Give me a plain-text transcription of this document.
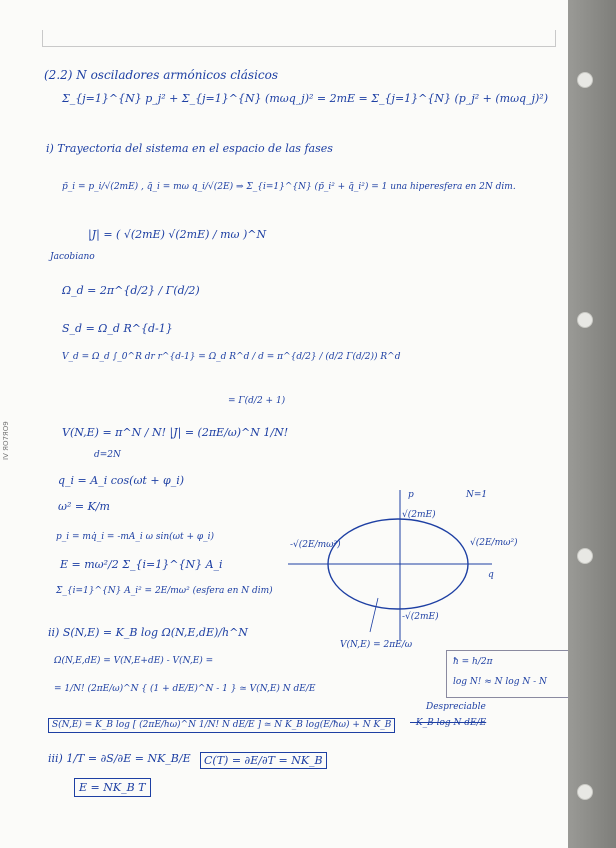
IV ЯO7ЯO9
(2.2) N osciladores armónicos clásicos
Σ_{j=1}^{N} p_j² + Σ_{j=1}^{N} (mωq_j)² = 2mE = Σ_{j=1}^{N} (p_j² + (mωq_j)²)
i) Trayectoria del sistema en el espacio de las fases
p̃_i = p_i/√(2mE) , q̃_i = mω q_i/√(2E) ⇒ Σ_{i=1}^{N} (p̃_i² + q̃_i²) = 1 una hiperesfera en 2N dim.
|J| = ( √(2mE) √(2mE) / mω )^N
Jacobiano
Ω_d = 2π^{d/2} / Γ(d/2)
S_d = Ω_d R^{d-1}
V_d = Ω_d ∫_0^R dr r^{d-1} = Ω_d R^d / d = π^{d/2} / (d/2 Γ(d/2)) R^d
= Γ(d/2 + 1)
V(N,E) = π^N / N! |J| = (2πE/ω)^N 1/N!
d=2N
q_i = A_i cos(ωt + φ_i)
ω² = K/m
p_i = mq̇_i = -mA_i ω sin(ωt + φ_i)
E = mω²/2 Σ_{i=1}^{N} A_i
Σ_{i=1}^{N} A_i² = 2E/mω² (esfera en N dim)
p
q
N=1
√(2mE)
-√(2mE)
-√(2E/mω²)	√(2E/mω²)
V(N,E) = 2πE/ω
ii) S(N,E) = K_B log Ω(N,E,dE)/h^N
Ω(N,E,dE) = V(N,E+dE) - V(N,E) =
= 1/N! (2πE/ω)^N { (1 + dE/E)^N - 1 } ≃ V(N,E) N dE/E
ħ = h/2π
log N! ≈ N log N - N
Despreciable
S(N,E) = K_B log [ (2πE/hω)^N 1/N! N dE/E ] ≃ N K_B log(E/ħω) + N K_B	- K_B log N dE/E
iii) 1/T = ∂S/∂E = NK_B/E	C(T) = ∂E/∂T = NK_B
E = NK_B T
